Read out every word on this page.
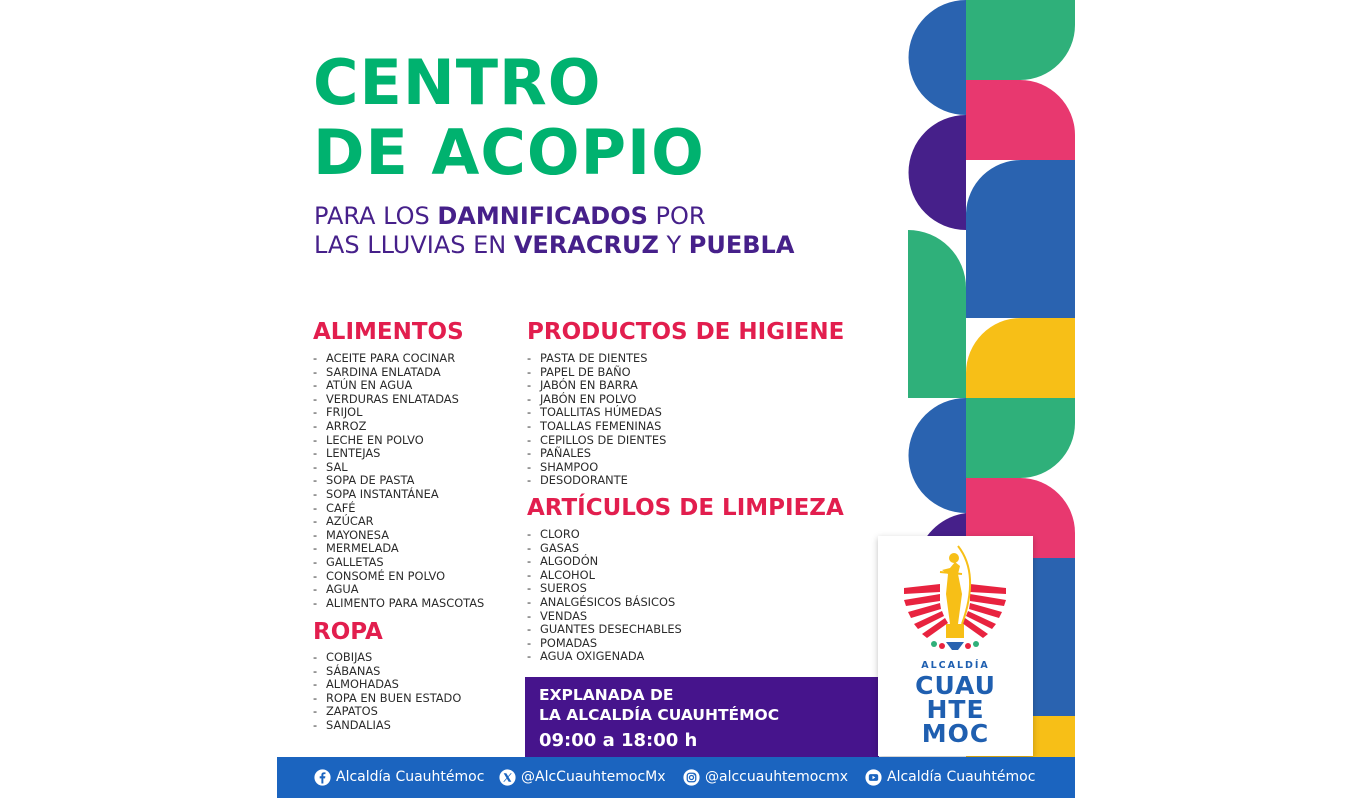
CENTRO
DE ACOPIO

PARA LOS DAMNIFICADOS POR
LAS LLUVIAS EN VERACRUZ Y PUEBLA

ALIMENTOS
- ACEITE PARA COCINAR
- SARDINA ENLATADA
- ATÚN EN AGUA
- VERDURAS ENLATADAS
- FRIJOL
- ARROZ
- LECHE EN POLVO
- LENTEJAS
- SAL
- SOPA DE PASTA
- SOPA INSTANTÁNEA
- CAFÉ
- AZÚCAR
- MAYONESA
- MERMELADA
- GALLETAS
- CONSOMÉ EN POLVO
- AGUA
- ALIMENTO PARA MASCOTAS
ROPA
- COBIJAS
- SÁBANAS
- ALMOHADAS
- ROPA EN BUEN ESTADO
- ZAPATOS
- SANDALIAS
PRODUCTOS DE HIGIENE
- PASTA DE DIENTES
- PAPEL DE BAÑO
- JABÓN EN BARRA
- JABÓN EN POLVO
- TOALLITAS HÚMEDAS
- TOALLAS FEMENINAS
- CEPILLOS DE DIENTES
- PAÑALES
- SHAMPOO
- DESODORANTE
ARTÍCULOS DE LIMPIEZA
- CLORO
- GASAS
- ALGODÓN
- ALCOHOL
- SUEROS
- ANALGÉSICOS BÁSICOS
- VENDAS
- GUANTES DESECHABLES
- POMADAS
- AGUA OXIGENADA
EXPLANADA DE
LA ALCALDÍA CUAUHTÉMOC
09:00 a 18:00 h
ALCALDÍA
CUAU
HTE
MOC
Alcaldía Cuauhtémoc	@AlcCuauhtemocMx	@alccuauhtemocmx	Alcaldía Cuauhtémoc
